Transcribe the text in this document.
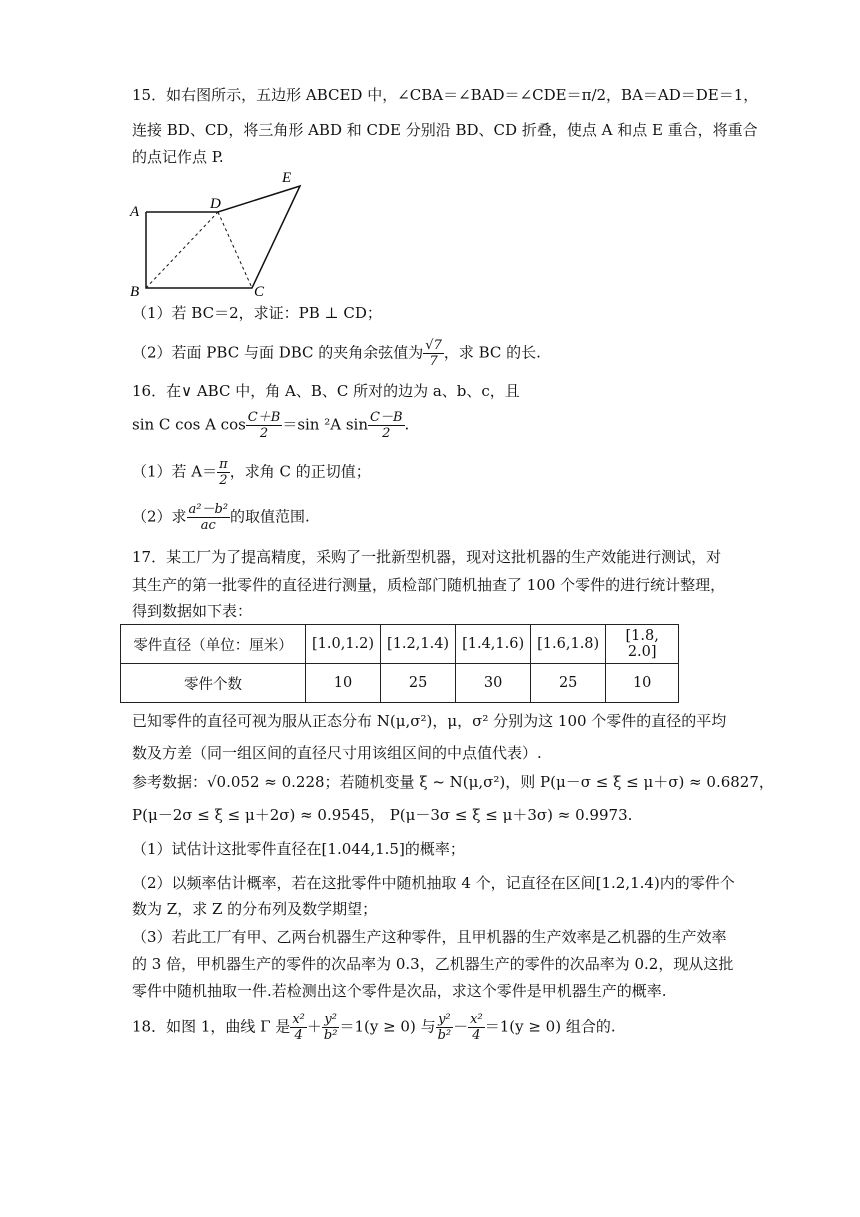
15．如右图所示，五边形 ABCED 中，∠CBA＝∠BAD＝∠CDE＝π/2，BA＝AD＝DE＝1，
连接 BD、CD，将三角形 ABD 和 CDE 分别沿 BD、CD 折叠，使点 A 和点 E 重合，将重合
的点记作点 P.
A
B	C
D
E
（1）若 BC＝2，求证：PB ⊥ CD；
（2）若面 PBC 与面 DBC 的夹角余弦值为 $\frac{√7}{7}$ ，求 BC 的长.
16．在∨ ABC 中，角 A、B、C 所对的边为 a、b、c，且
sin C cos A $\cos \frac{C+B}{2} =\sin$ ²A $\sin \frac{C-B}{2}$ .
（1）若 $A= \frac{\pi}{2}$ ，求角 C 的正切值；
（2）求 $\frac{\text{a²－b²}}{ac}$ 的取值范围.
17．某工厂为了提高精度，采购了一批新型机器，现对这批机器的生产效能进行测试，对
其生产的第一批零件的直径进行测量，质检部门随机抽查了 100 个零件的进行统计整理，
得到数据如下表：
零件直径（单位：厘米）	[1.0,1.2)	[1.2,1.4)	[1.4,1.6)	[1.6,1.8)	[1.8, 2.0]
零件个数	10	25	30	25	10
已知零件的直径可视为服从正态分布 N(μ,σ²)，μ，σ² 分别为这 100 个零件的直径的平均
数及方差（同一组区间的直径尺寸用该组区间的中点值代表）.
参考数据：√0.052 ≈ 0.228；若随机变量 ξ ~ N(μ,σ²)，则 P(μ－σ ≤ ξ ≤ μ＋σ) ≈ 0.6827，
P(μ－2σ ≤ ξ ≤ μ＋2σ) ≈ 0.9545， P(μ－3σ ≤ ξ ≤ μ＋3σ) ≈ 0.9973.
（1）试估计这批零件直径在[1.044,1.5]的概率；
（2）以频率估计概率，若在这批零件中随机抽取 4 个，记直径在区间[1.2,1.4)内的零件个
数为 Z，求 Z 的分布列及数学期望；
（3）若此工厂有甲、乙两台机器生产这种零件，且甲机器的生产效率是乙机器的生产效率
的 3 倍，甲机器生产的零件的次品率为 0.3，乙机器生产的零件的次品率为 0.2，现从这批
零件中随机抽取一件.若检测出这个零件是次品，求这个零件是甲机器生产的概率.
18．如图 1，曲线 Γ 是 $\frac{\text{x²}}{4} + \frac{\text{y²}}{\text{b²}} =1(y \ge 0)$ 与 $\frac{\text{y²}}{\text{b²}} - \frac{\text{x²}}{4} =1(y \ge 0)$ 组合的.
